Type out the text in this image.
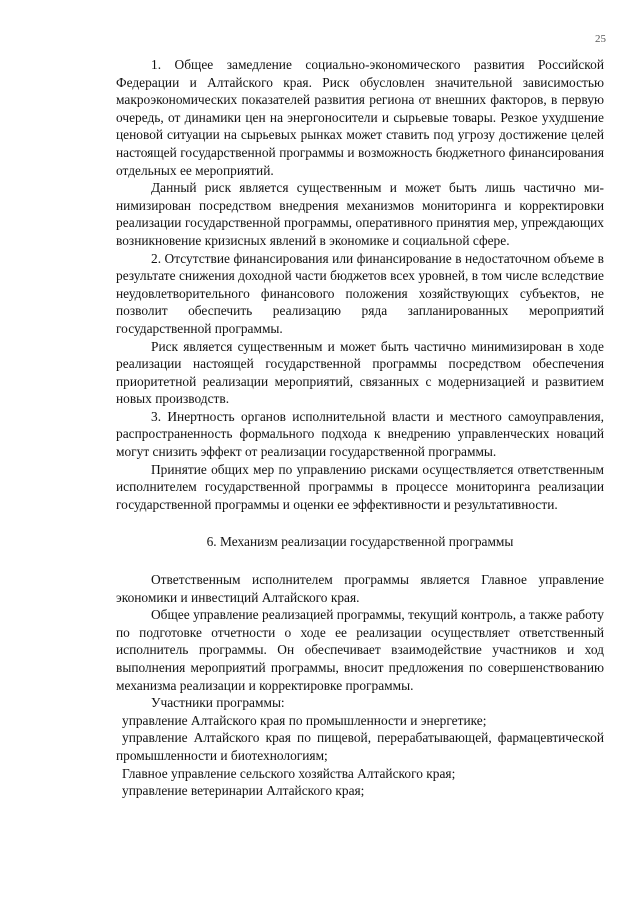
25

1. Общее замедление социально-экономического развития Российской Федерации и Алтайского края. Риск обусловлен значительной зависимостью макроэкономических показателей развития региона от внешних факторов, в первую очередь, от динамики цен на энергоносители и сырьевые товары. Резкое ухудшение ценовой ситуации на сырьевых рынках может ставить под угрозу достижение целей настоящей государственной программы и возможность бюджетного финансирования отдельных ее мероприятий.

Данный риск является существенным и может быть лишь частично минимизирован посредством внедрения механизмов мониторинга и корректировки реализации государственной программы, оперативного принятия мер, упреждающих возникновение кризисных явлений в экономике и социальной сфере.

2. Отсутствие финансирования или финансирование в недостаточном объеме в результате снижения доходной части бюджетов всех уровней, в том числе вследствие неудовлетворительного финансового положения хозяйствующих субъектов, не позволит обеспечить реализацию ряда запланированных мероприятий государственной программы.

Риск является существенным и может быть частично минимизирован в ходе реализации настоящей государственной программы посредством обеспечения приоритетной реализации мероприятий, связанных с модернизацией и развитием новых производств.

3. Инертность органов исполнительной власти и местного самоуправления, распространенность формального подхода к внедрению управленческих новаций могут снизить эффект от реализации государственной программы.

Принятие общих мер по управлению рисками осуществляется ответственным исполнителем государственной программы в процессе мониторинга реализации государственной программы и оценки ее эффективности и результативности.

6. Механизм реализации государственной программы

Ответственным исполнителем программы является Главное управление экономики и инвестиций Алтайского края.

Общее управление реализацией программы, текущий контроль, а также работу по подготовке отчетности о ходе ее реализации осуществляет ответственный исполнитель программы. Он обеспечивает взаимодействие участников и ход выполнения мероприятий программы, вносит предложения по совершенствованию механизма реализации и корректировке программы.

Участники программы:

управление Алтайского края по промышленности и энергетике;

управление Алтайского края по пищевой, перерабатывающей, фармацевтической промышленности и биотехнологиям;

Главное управление сельского хозяйства Алтайского края;

управление ветеринарии Алтайского края;
